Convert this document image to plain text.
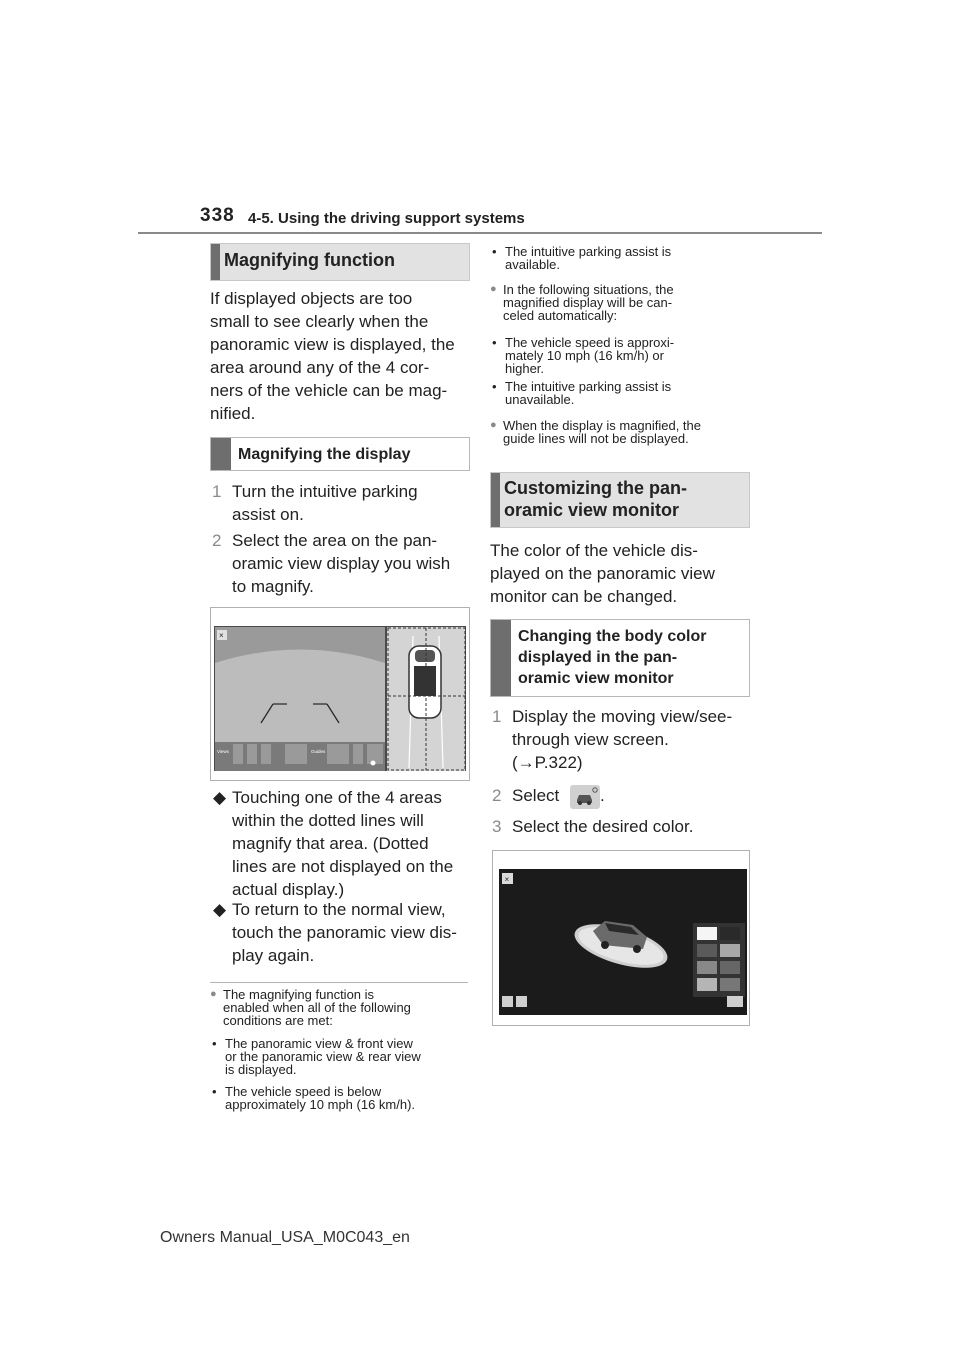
338 4-5. Using the driving support systems
Magnifying function
If displayed objects are too
small to see clearly when the
panoramic view is displayed, the
area around any of the 4 cor-
ners of the vehicle can be mag-
nified.
Magnifying the display
1 Turn the intuitive parking
assist on.
2 Select the area on the pan-
oramic view display you wish
to magnify.
×
Views	Guides
◆ Touching one of the 4 areas
within the dotted lines will
magnify that area. (Dotted
lines are not displayed on the
actual display.)
◆ To return to the normal view,
touch the panoramic view dis-
play again.
● The magnifying function is
enabled when all of the following
conditions are met:
• The panoramic view & front view
or the panoramic view & rear view
is displayed.
• The vehicle speed is below
approximately 10 mph (16 km/h).
• The intuitive parking assist is
available.
● In the following situations, the
magnified display will be can-
celed automatically:
• The vehicle speed is approxi-
mately 10 mph (16 km/h) or
higher.
• The intuitive parking assist is
unavailable.
● When the display is magnified, the
guide lines will not be displayed.
Customizing the pan-
oramic view monitor
The color of the vehicle dis-
played on the panoramic view
monitor can be changed.
Changing the body color
displayed in the pan-
oramic view monitor
1 Display the moving view/see-
through view screen.
(→P.322)
2 Select .
3 Select the desired color.
×
Owners Manual_USA_M0C043_en
